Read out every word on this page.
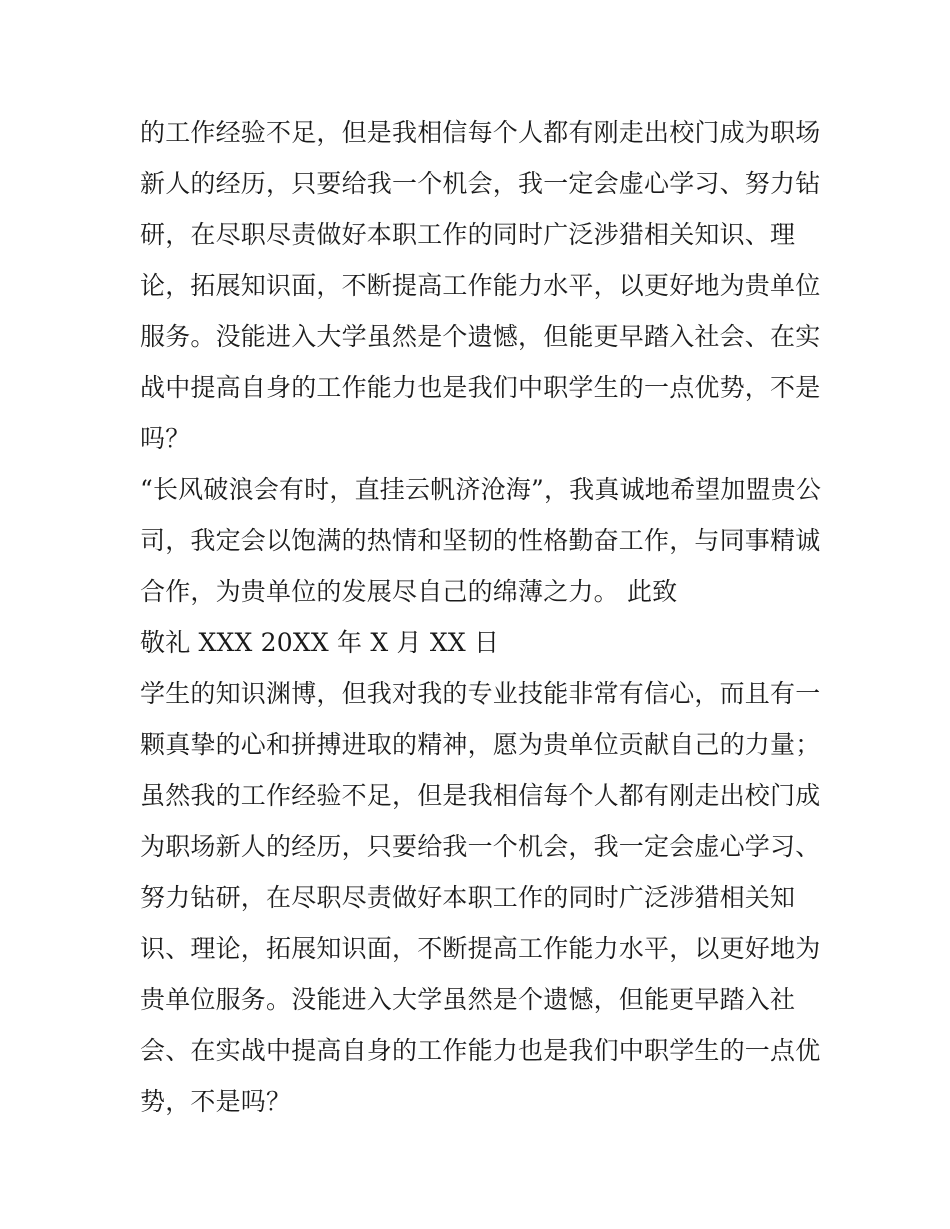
的工作经验不足，但是我相信每个人都有刚走出校门成为职场
新人的经历，只要给我一个机会，我一定会虚心学习、努力钻
研，在尽职尽责做好本职工作的同时广泛涉猎相关知识、理
论，拓展知识面，不断提高工作能力水平，以更好地为贵单位
服务。没能进入大学虽然是个遗憾，但能更早踏入社会、在实
战中提高自身的工作能力也是我们中职学生的一点优势，不是
吗？
“长风破浪会有时，直挂云帆济沧海”，我真诚地希望加盟贵公
司，我定会以饱满的热情和坚韧的性格勤奋工作，与同事精诚
合作，为贵单位的发展尽自己的绵薄之力。 此致
敬礼 XXX 20XX 年 X 月 XX 日
学生的知识渊博，但我对我的专业技能非常有信心，而且有一
颗真挚的心和拼搏进取的精神，愿为贵单位贡献自己的力量；
虽然我的工作经验不足，但是我相信每个人都有刚走出校门成
为职场新人的经历，只要给我一个机会，我一定会虚心学习、
努力钻研，在尽职尽责做好本职工作的同时广泛涉猎相关知
识、理论，拓展知识面，不断提高工作能力水平，以更好地为
贵单位服务。没能进入大学虽然是个遗憾，但能更早踏入社
会、在实战中提高自身的工作能力也是我们中职学生的一点优
势，不是吗？
